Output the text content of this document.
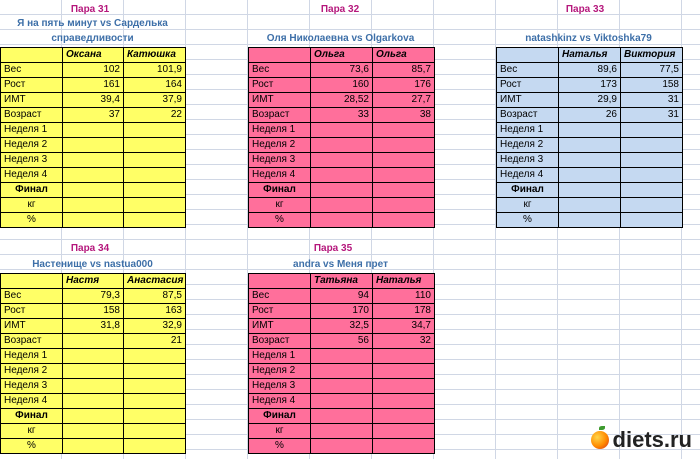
Пара 31
Я на пять минут vs Сарделька
справедливости
	Оксана	Катюшка
Вес	102	101,9
Рост	161	164
ИМТ	39,4	37,9
Возраст	37	22
Неделя 1		
Неделя 2		
Неделя 3		
Неделя 4		
Финал		
кг		
%		
Пара 32
Оля Николаевна vs Olgarkova
	Ольга	Ольга
Вес	73,6	85,7
Рост	160	176
ИМТ	28,52	27,7
Возраст	33	38
Неделя 1		
Неделя 2		
Неделя 3		
Неделя 4		
Финал		
кг		
%		
Пара 33
natashkinz vs Viktoshka79
	Наталья	Виктория
Вес	89,6	77,5
Рост	173	158
ИМТ	29,9	31
Возраст	26	31
Неделя 1		
Неделя 2		
Неделя 3		
Неделя 4		
Финал		
кг		
%		
Пара 34
Настенище vs nastua000
	Настя	Анастасия
Вес	79,3	87,5
Рост	158	163
ИМТ	31,8	32,9
Возраст		21
Неделя 1		
Неделя 2		
Неделя 3		
Неделя 4		
Финал		
кг		
%		
Пара 35
andra vs Меня прет
	Татьяна	Наталья
Вес	94	110
Рост	170	178
ИМТ	32,5	34,7
Возраст	56	32
Неделя 1		
Неделя 2		
Неделя 3		
Неделя 4		
Финал		
кг		
%			diets.ru
